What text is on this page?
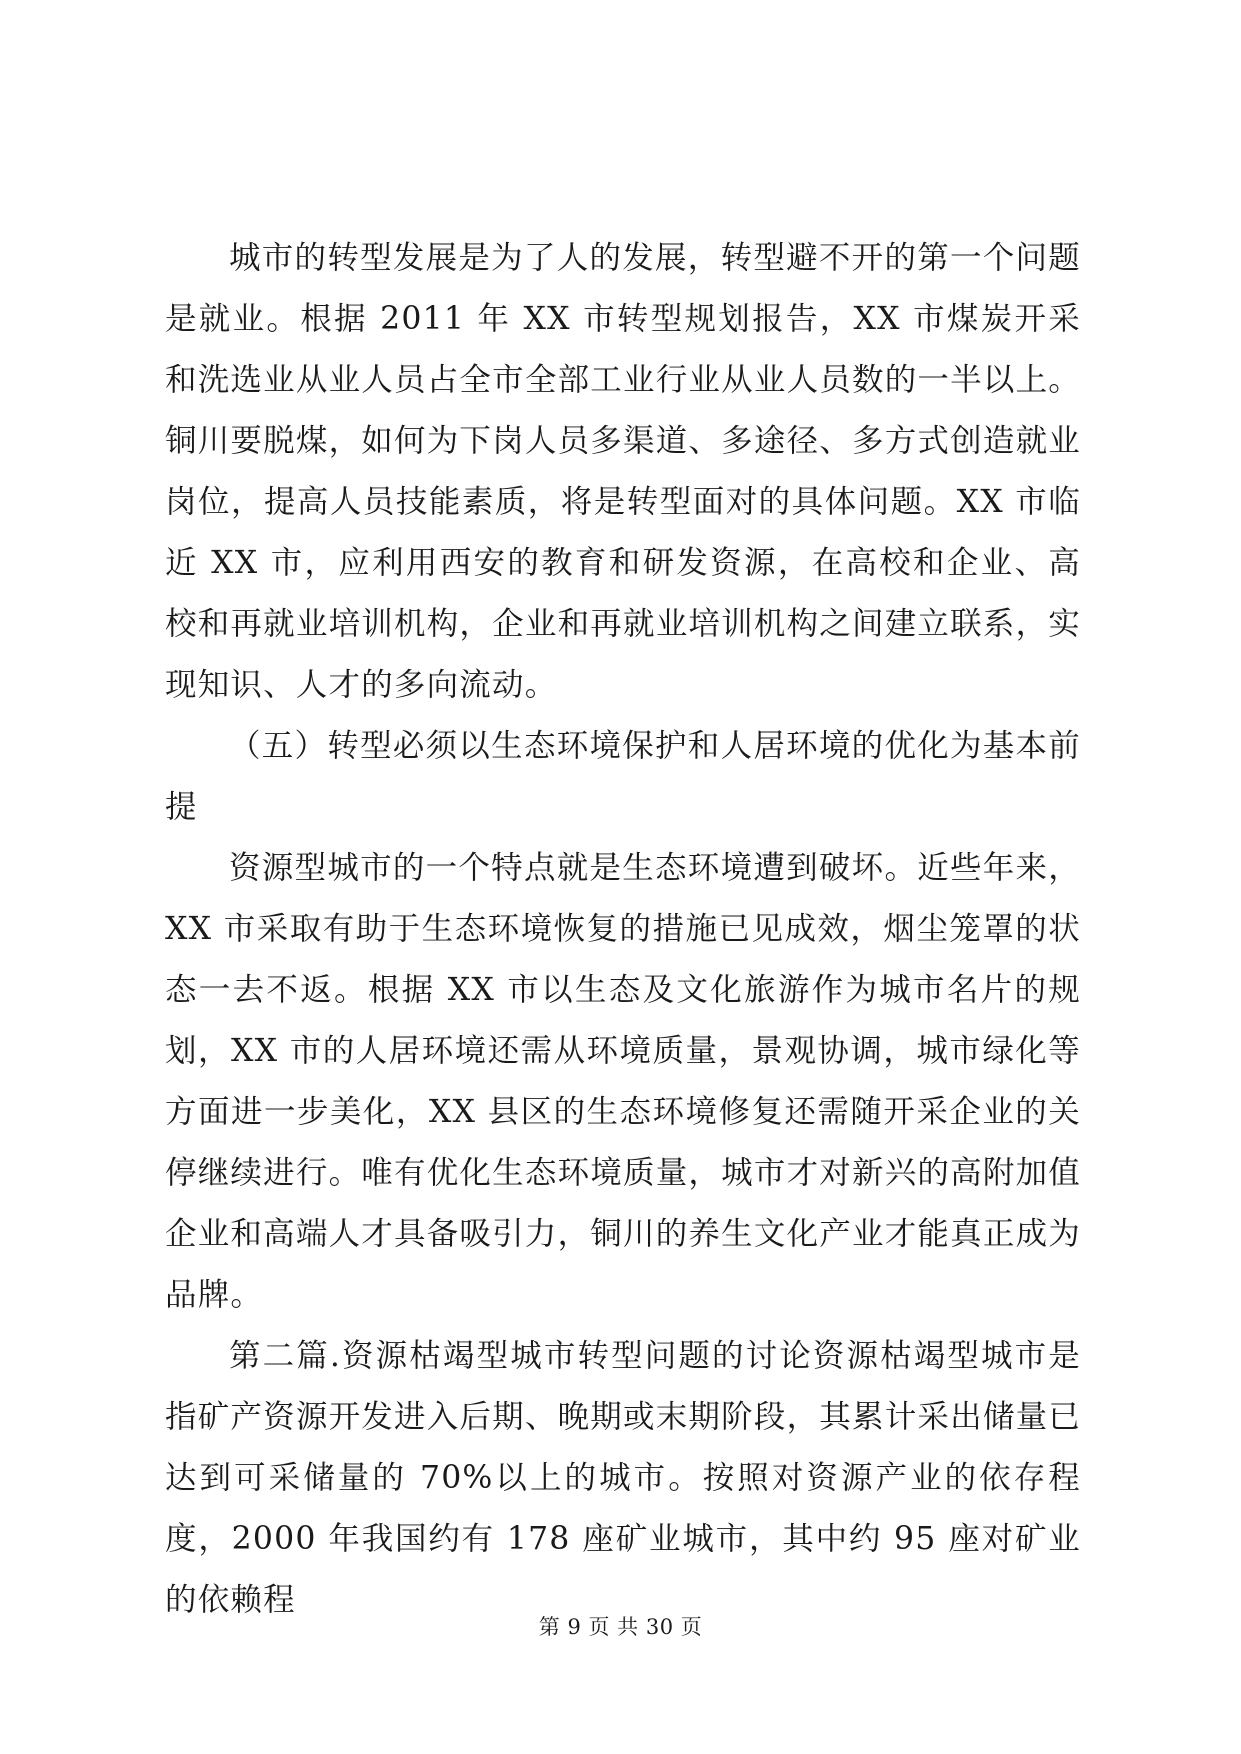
城市的转型发展是为了人的发展，转型避不开的第一个问题是就业。根据 2011 年 XX 市转型规划报告，XX 市煤炭开采和洗选业从业人员占全市全部工业行业从业人员数的一半以上。铜川要脱煤，如何为下岗人员多渠道、多途径、多方式创造就业岗位，提高人员技能素质，将是转型面对的具体问题。XX 市临近 XX 市，应利用西安的教育和研发资源，在高校和企业、高校和再就业培训机构，企业和再就业培训机构之间建立联系，实现知识、人才的多向流动。

（五）转型必须以生态环境保护和人居环境的优化为基本前提

资源型城市的一个特点就是生态环境遭到破坏。近些年来，XX 市采取有助于生态环境恢复的措施已见成效，烟尘笼罩的状态一去不返。根据 XX 市以生态及文化旅游作为城市名片的规划，XX 市的人居环境还需从环境质量，景观协调，城市绿化等方面进一步美化，XX 县区的生态环境修复还需随开采企业的关停继续进行。唯有优化生态环境质量，城市才对新兴的高附加值企业和高端人才具备吸引力，铜川的养生文化产业才能真正成为品牌。

第二篇.资源枯竭型城市转型问题的讨论资源枯竭型城市是指矿产资源开发进入后期、晚期或末期阶段，其累计采出储量已达到可采储量的 70%以上的城市。按照对资源产业的依存程度，2000 年我国约有 178 座矿业城市，其中约 95 座对矿业的依赖程

第 9 页 共 30 页
